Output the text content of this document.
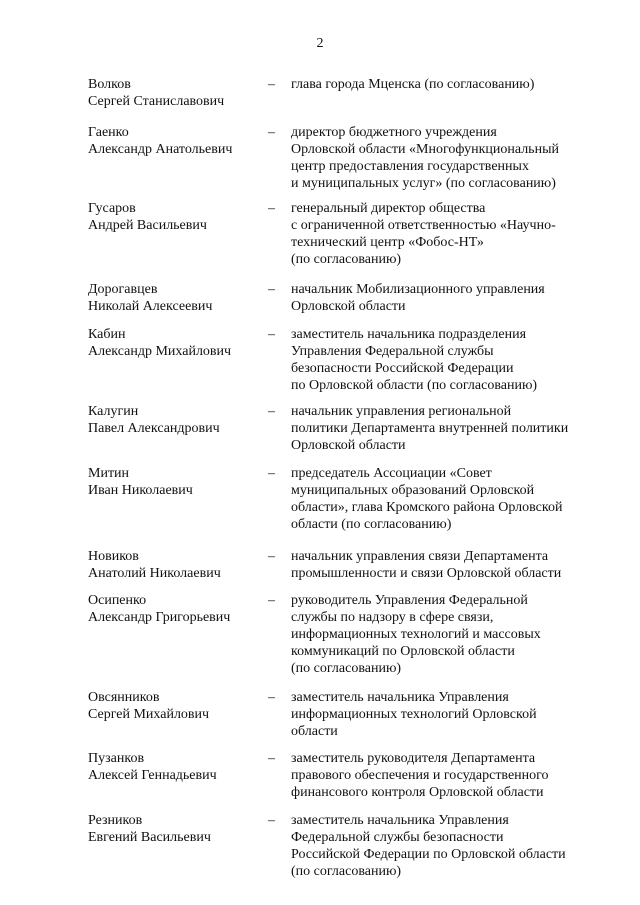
2
Волков
Сергей Станиславович
– глава города Мценска (по согласованию)
Гаенко
Александр Анатольевич
– директор бюджетного учреждения
Орловской области «Многофункциональный
центр предоставления государственных
и муниципальных услуг» (по согласованию)
Гусаров
Андрей Васильевич
– генеральный директор общества
с ограниченной ответственностью «Научно-
технический центр «Фобос-НТ»
(по согласованию)
Дорогавцев
Николай Алексеевич
– начальник Мобилизационного управления
Орловской области
Кабин
Александр Михайлович
– заместитель начальника подразделения
Управления Федеральной службы
безопасности Российской Федерации
по Орловской области (по согласованию)
Калугин
Павел Александрович
– начальник управления региональной
политики Департамента внутренней политики
Орловской области
Митин
Иван Николаевич
– председатель Ассоциации «Совет
муниципальных образований Орловской
области», глава Кромского района Орловской
области (по согласованию)
Новиков
Анатолий Николаевич
– начальник управления связи Департамента
промышленности и связи Орловской области
Осипенко
Александр Григорьевич
– руководитель Управления Федеральной
службы по надзору в сфере связи,
информационных технологий и массовых
коммуникаций по Орловской области
(по согласованию)
Овсянников
Сергей Михайлович
– заместитель начальника Управления
информационных технологий Орловской
области
Пузанков
Алексей Геннадьевич
– заместитель руководителя Департамента
правового обеспечения и государственного
финансового контроля Орловской области
Резников
Евгений Васильевич
– заместитель начальника Управления
Федеральной службы безопасности
Российской Федерации по Орловской области
(по согласованию)
